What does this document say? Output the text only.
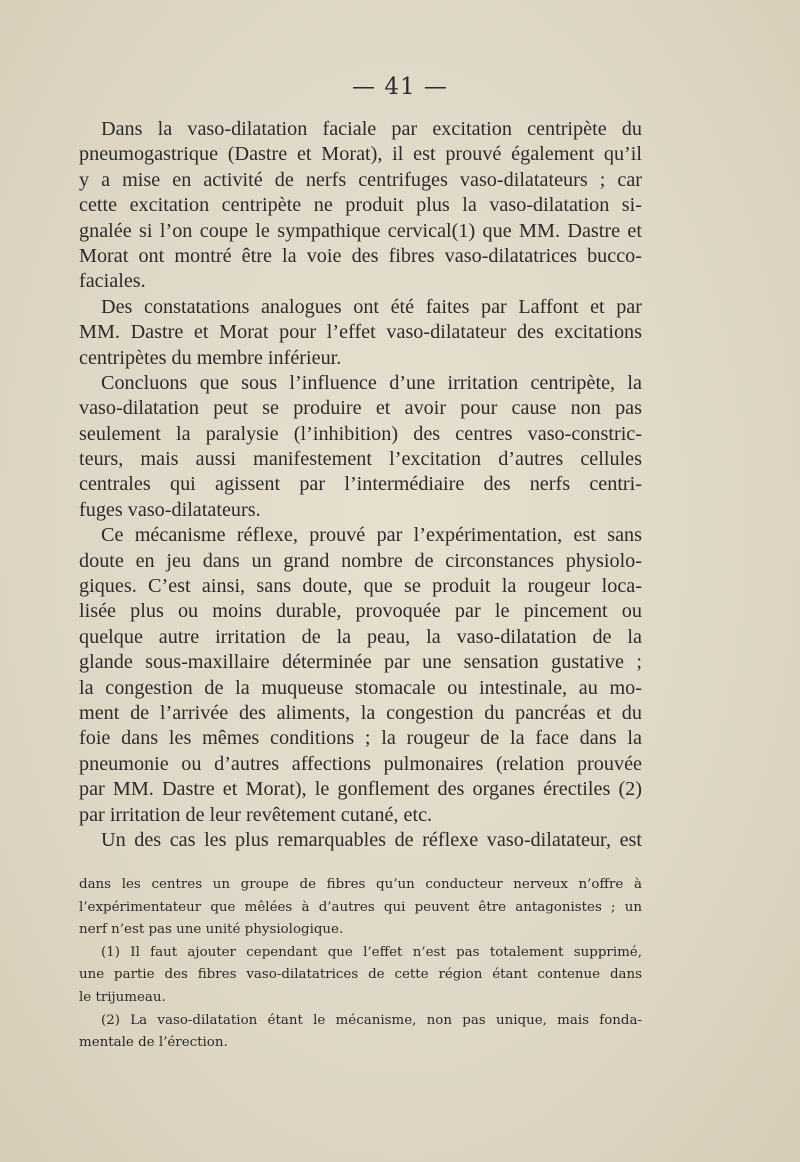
— 41 —
Dans la vaso-dilatation faciale par excitation centripète du
pneumogastrique (Dastre et Morat), il est prouvé également qu’il
y a mise en activité de nerfs centrifuges vaso-dilatateurs ; car
cette excitation centripète ne produit plus la vaso-dilatation si-
gnalée si l’on coupe le sympathique cervical(1) que MM. Dastre et
Morat ont montré être la voie des fibres vaso-dilatatrices bucco-
faciales.
Des constatations analogues ont été faites par Laffont et par
MM. Dastre et Morat pour l’effet vaso-dilatateur des excitations
centripètes du membre inférieur.
Concluons que sous l’influence d’une irritation centripète, la
vaso-dilatation peut se produire et avoir pour cause non pas
seulement la paralysie (l’inhibition) des centres vaso-constric-
teurs, mais aussi manifestement l’excitation d’autres cellules
centrales qui agissent par l’intermédiaire des nerfs centri-
fuges vaso-dilatateurs.
Ce mécanisme réflexe, prouvé par l’expérimentation, est sans
doute en jeu dans un grand nombre de circonstances physiolo-
giques. C’est ainsi, sans doute, que se produit la rougeur loca-
lisée plus ou moins durable, provoquée par le pincement ou
quelque autre irritation de la peau, la vaso-dilatation de la
glande sous-maxillaire déterminée par une sensation gustative ;
la congestion de la muqueuse stomacale ou intestinale, au mo-
ment de l’arrivée des aliments, la congestion du pancréas et du
foie dans les mêmes conditions ; la rougeur de la face dans la
pneumonie ou d’autres affections pulmonaires (relation prouvée
par MM. Dastre et Morat), le gonflement des organes érectiles (2)
par irritation de leur revêtement cutané, etc.
Un des cas les plus remarquables de réflexe vaso-dilatateur, est
dans les centres un groupe de fibres qu’un conducteur nerveux n’offre à
l’expérimentateur que mêlées à d’autres qui peuvent être antagonistes ; un
nerf n’est pas une unité physiologique.
(1) Il faut ajouter cependant que l’effet n’est pas totalement supprimé,
une partie des fibres vaso-dilatatrices de cette région étant contenue dans
le trijumeau.
(2) La vaso-dilatation étant le mécanisme, non pas unique, mais fonda-
mentale de l’érection.
